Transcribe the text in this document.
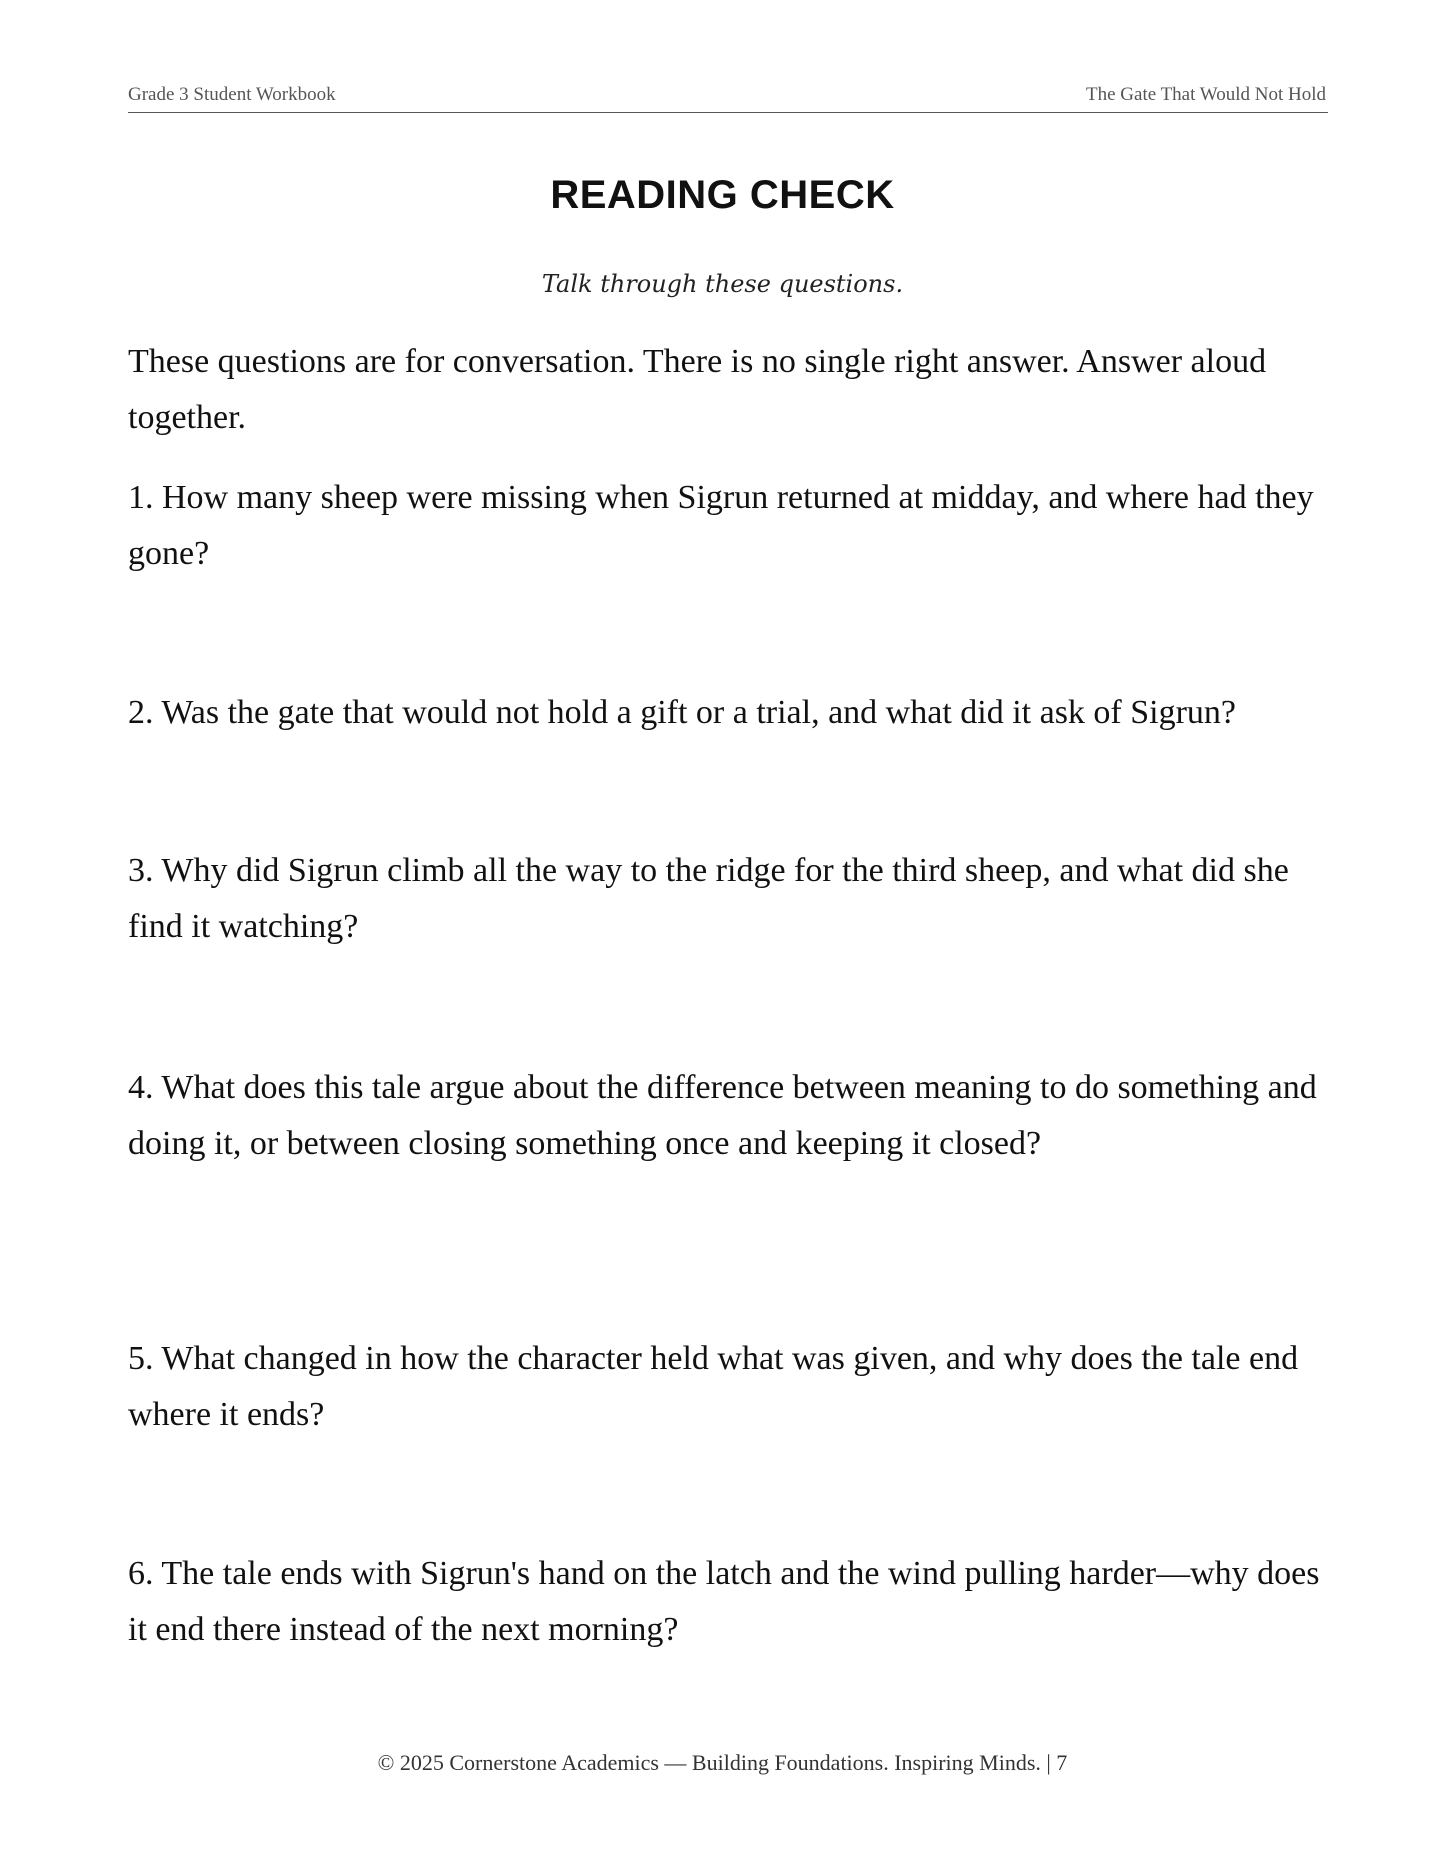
Grade 3 Student Workbook	The Gate That Would Not Hold
READING CHECK
Talk through these questions.

These questions are for conversation. There is no single right answer. Answer aloud together.

1. How many sheep were missing when Sigrun returned at midday, and where had they gone?

2. Was the gate that would not hold a gift or a trial, and what did it ask of Sigrun?

3. Why did Sigrun climb all the way to the ridge for the third sheep, and what did she find it watching?

4. What does this tale argue about the difference between meaning to do something and doing it, or between closing something once and keeping it closed?

5. What changed in how the character held what was given, and why does the tale end where it ends?

6. The tale ends with Sigrun's hand on the latch and the wind pulling harder—why does it end there instead of the next morning?

© 2025 Cornerstone Academics — Building Foundations. Inspiring Minds. | 7
